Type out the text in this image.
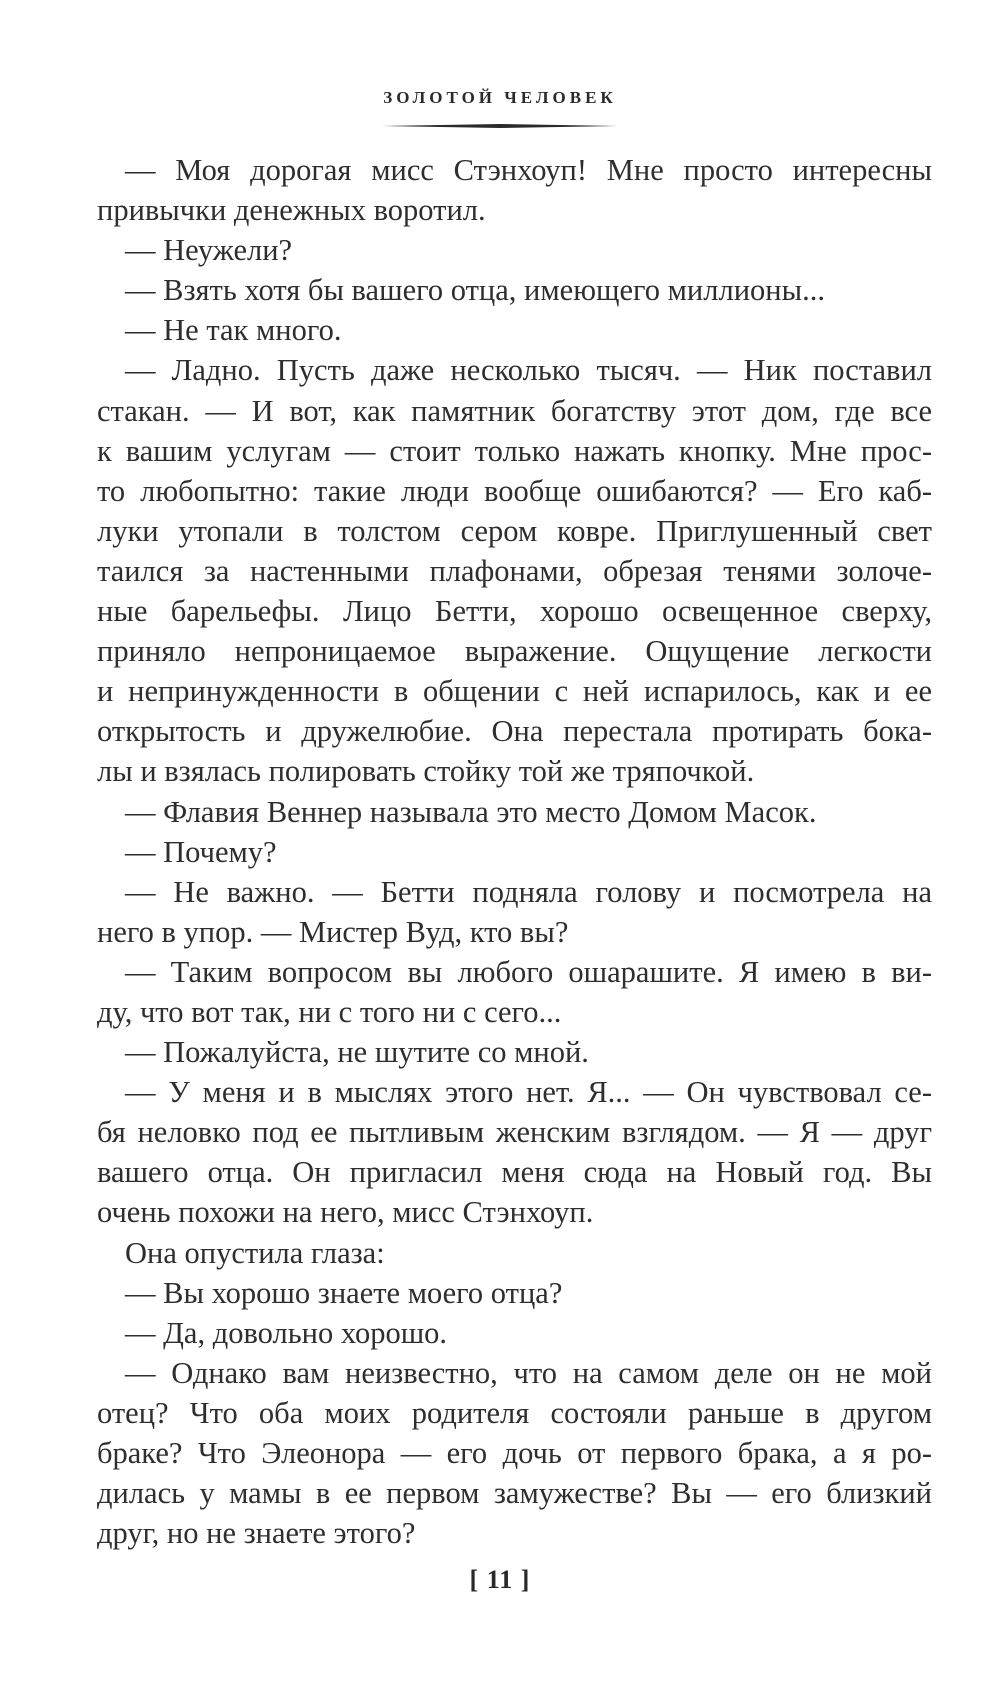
ЗОЛОТОЙ ЧЕЛОВЕК
— Моя дорогая мисс Стэнхоуп! Мне просто интересны
привычки денежных воротил.
— Неужели?
— Взять хотя бы вашего отца, имеющего миллионы...
— Не так много.
— Ладно. Пусть даже несколько тысяч. — Ник поставил
стакан. — И вот, как памятник богатству этот дом, где все
к вашим услугам — стоит только нажать кнопку. Мне прос-
то любопытно: такие люди вообще ошибаются? — Его каб-
луки утопали в толстом сером ковре. Приглушенный свет
таился за настенными плафонами, обрезая тенями золоче-
ные барельефы. Лицо Бетти, хорошо освещенное сверху,
приняло непроницаемое выражение. Ощущение легкости
и непринужденности в общении с ней испарилось, как и ее
открытость и дружелюбие. Она перестала протирать бока-
лы и взялась полировать стойку той же тряпочкой.
— Флавия Веннер называла это место Домом Масок.
— Почему?
— Не важно. — Бетти подняла голову и посмотрела на
него в упор. — Мистер Вуд, кто вы?
— Таким вопросом вы любого ошарашите. Я имею в ви-
ду, что вот так, ни с того ни с сего...
— Пожалуйста, не шутите со мной.
— У меня и в мыслях этого нет. Я... — Он чувствовал се-
бя неловко под ее пытливым женским взглядом. — Я — друг
вашего отца. Он пригласил меня сюда на Новый год. Вы
очень похожи на него, мисс Стэнхоуп.
Она опустила глаза:
— Вы хорошо знаете моего отца?
— Да, довольно хорошо.
— Однако вам неизвестно, что на самом деле он не мой
отец? Что оба моих родителя состояли раньше в другом
браке? Что Элеонора — его дочь от первого брака, а я ро-
дилась у мамы в ее первом замужестве? Вы — его близкий
друг, но не знаете этого?
[ 11 ]
